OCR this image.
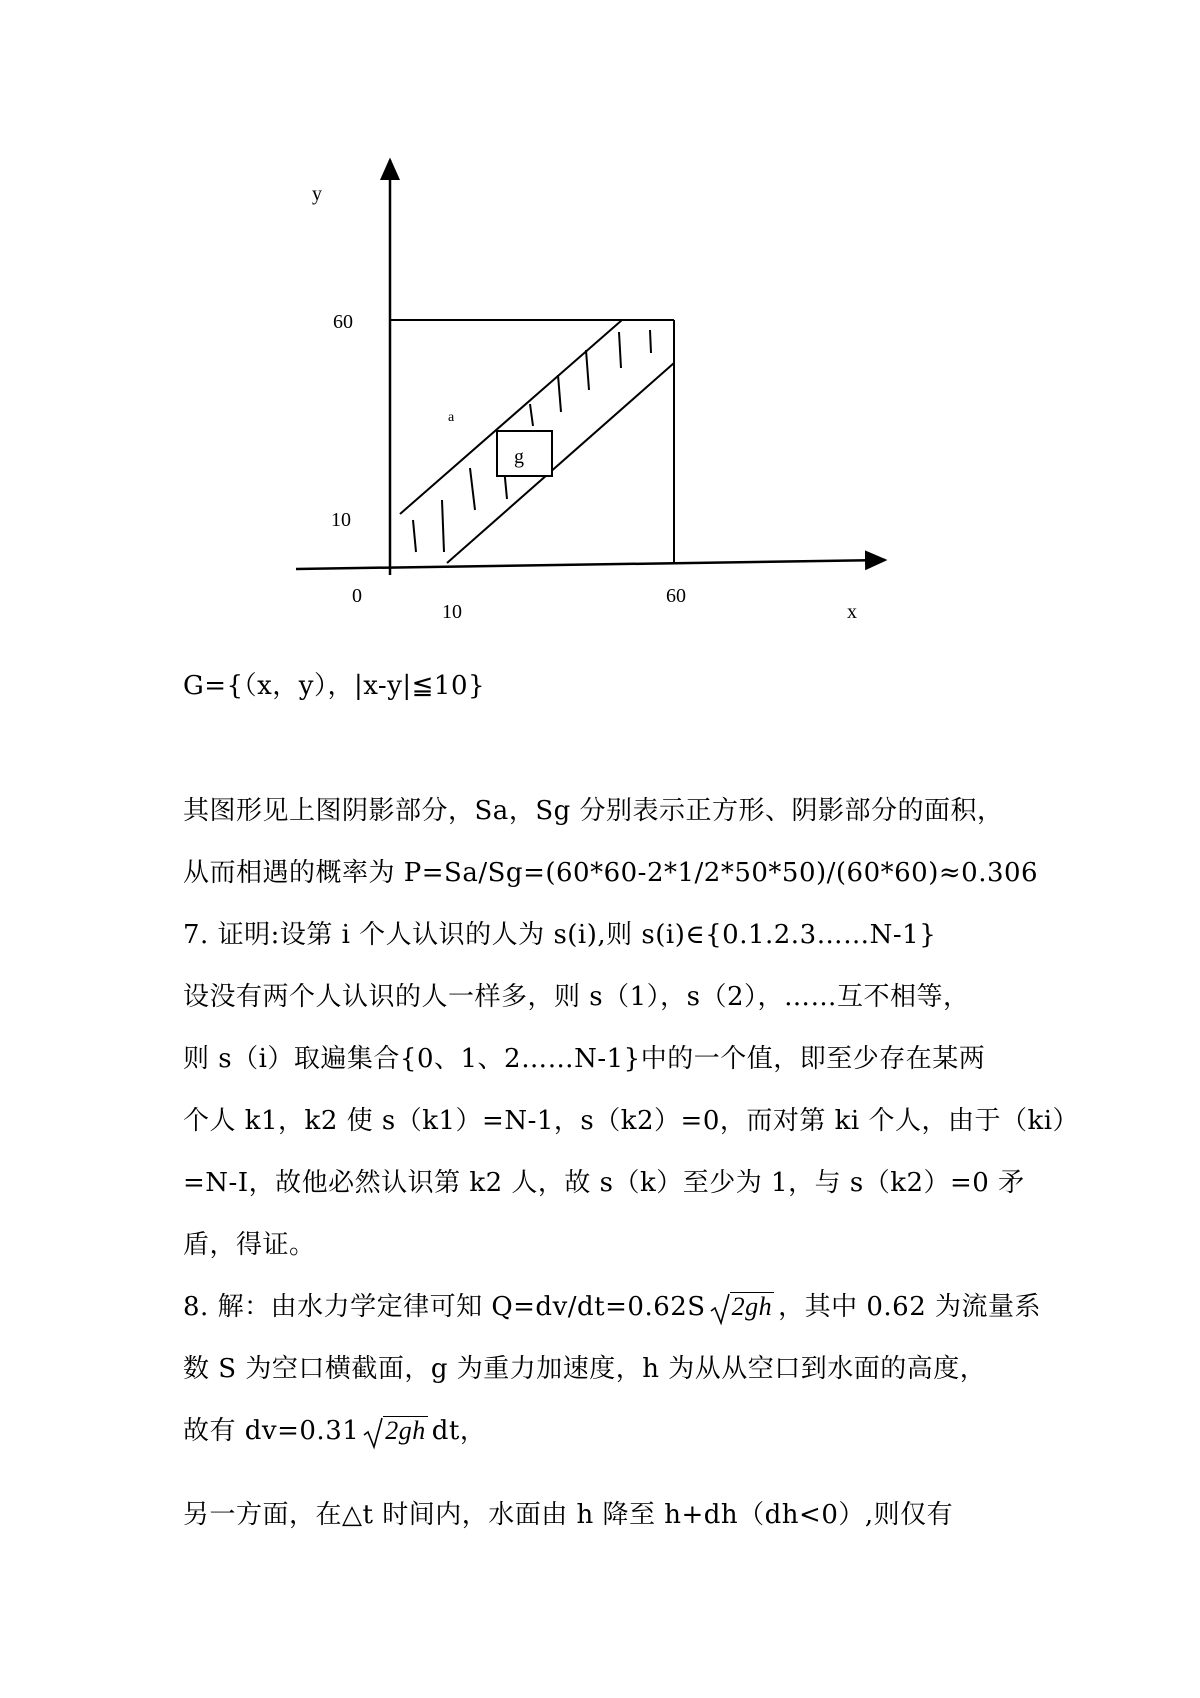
y
x
60
10
0
10
60
a
g
G={（x，y），|x-y|≦10}
其图形见上图阴影部分，Sa，Sg 分别表示正方形、阴影部分的面积，
从而相遇的概率为 P=Sa/Sg=(60*60-2*1/2*50*50)/(60*60)≈0.306
7. 证明:设第 i 个人认识的人为 s(i),则 s(i)∈{0.1.2.3……N-1}
设没有两个人认识的人一样多，则 s（1），s（2），……互不相等，
则 s（i）取遍集合{0、1、2……N-1}中的一个值，即至少存在某两
个人 k1，k2 使 s（k1）=N-1，s（k2）=0，而对第 ki 个人，由于（ki）
=N-I，故他必然认识第 k2 人，故 s（k）至少为 1，与 s（k2）=0 矛
盾，得证。
8. 解：由水力学定律可知 Q=dv/dt=0.62S 2gh ，其中 0.62 为流量系
数 S 为空口横截面，g 为重力加速度，h 为从从空口到水面的高度，
故有 dv=0.31 2gh dt，
另一方面，在△t 时间内，水面由 h 降至 h+dh（dh<0）,则仅有
